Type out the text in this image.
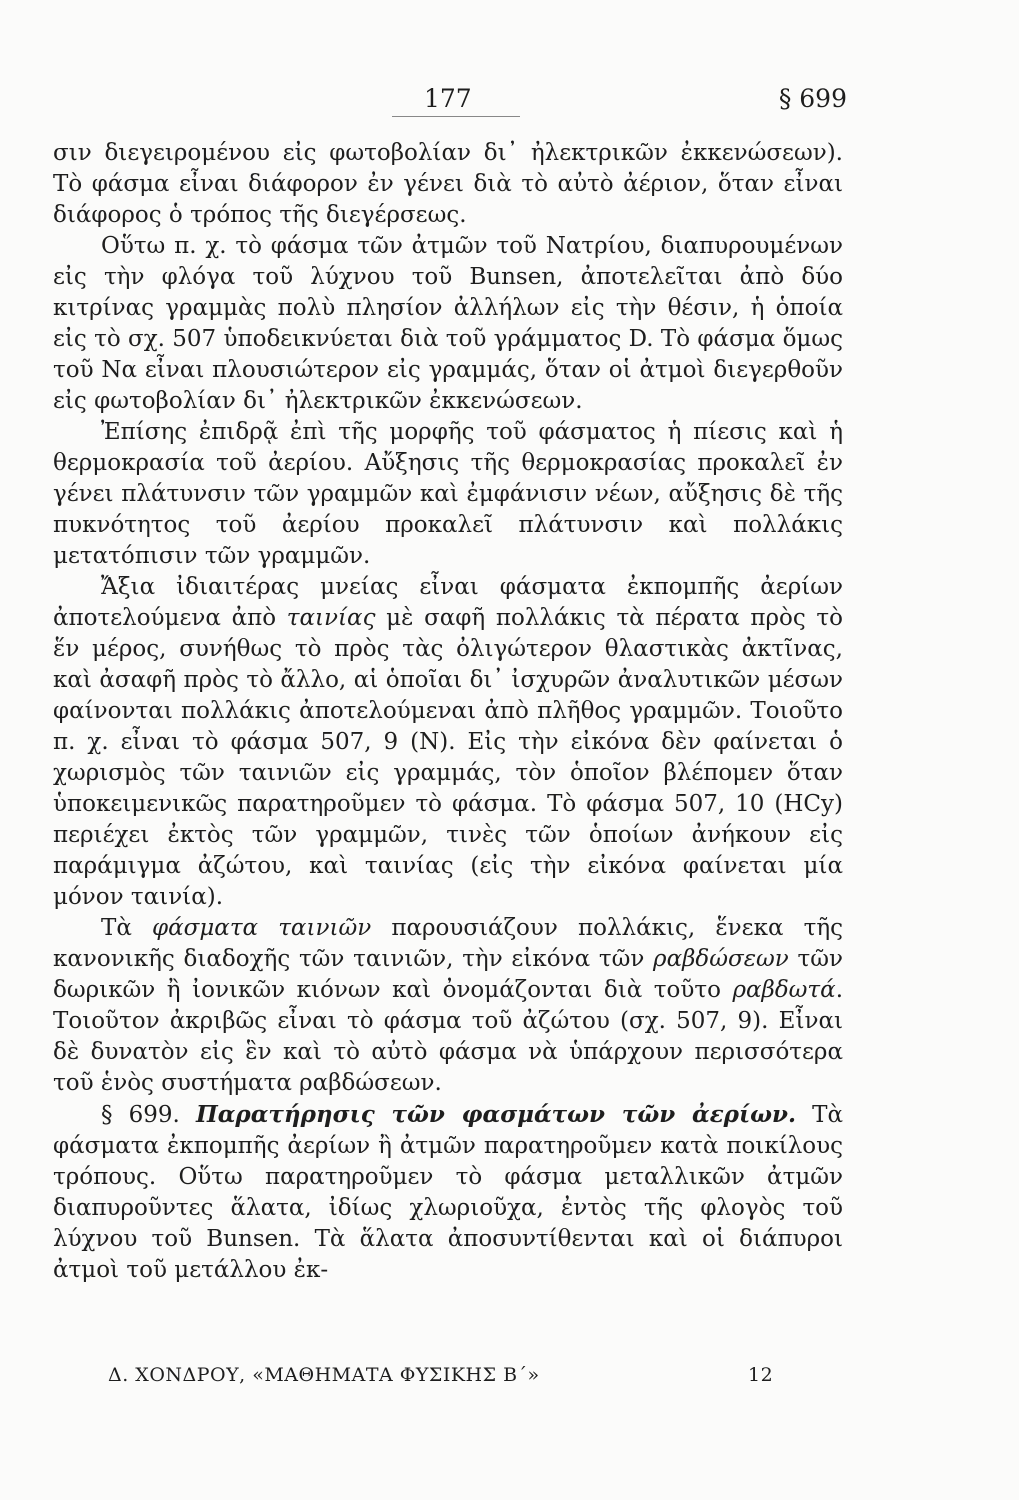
177	§ 699

σιν διεγειρομένου εἰς φωτοβολίαν δι᾽ ἠλεκτρικῶν ἐκκενώσεων). Τὸ φάσμα εἶναι διάφορον ἐν γένει διὰ τὸ αὐτὸ ἀέριον, ὅταν εἶναι διάφορος ὁ τρόπος τῆς διεγέρσεως.

Οὕτω π. χ. τὸ φάσμα τῶν ἀτμῶν τοῦ Νατρίου, διαπυρουμένων εἰς τὴν φλόγα τοῦ λύχνου τοῦ Bunsen, ἀποτελεῖται ἀπὸ δύο κιτρίνας γραμμὰς πολὺ πλησίον ἀλλήλων εἰς τὴν θέσιν, ἡ ὁποία εἰς τὸ σχ. 507 ὑποδεικνύεται διὰ τοῦ γράμματος D. Τὸ φάσμα ὅμως τοῦ Να εἶναι πλουσιώτερον εἰς γραμμάς, ὅταν οἱ ἀτμοὶ διεγερθοῦν εἰς φωτοβολίαν δι᾽ ἠλεκτρικῶν ἐκκενώσεων.

Ἐπίσης ἐπιδρᾷ ἐπὶ τῆς μορφῆς τοῦ φάσματος ἡ πίεσις καὶ ἡ θερμοκρασία τοῦ ἀερίου. Αὔξησις τῆς θερμοκρασίας προκαλεῖ ἐν γένει πλάτυνσιν τῶν γραμμῶν καὶ ἐμφάνισιν νέων, αὔξησις δὲ τῆς πυκνότητος τοῦ ἀερίου προκαλεῖ πλάτυνσιν καὶ πολλάκις μετατόπισιν τῶν γραμμῶν.

Ἄξια ἰδιαιτέρας μνείας εἶναι φάσματα ἐκπομπῆς ἀερίων ἀποτελούμενα ἀπὸ ταινίας μὲ σαφῆ πολλάκις τὰ πέρατα πρὸς τὸ ἕν μέρος, συνήθως τὸ πρὸς τὰς ὀλιγώτερον θλαστικὰς ἀκτῖνας, καὶ ἀσαφῆ πρὸς τὸ ἄλλο, αἱ ὁποῖαι δι᾽ ἰσχυρῶν ἀναλυτικῶν μέσων φαίνονται πολλάκις ἀποτελούμεναι ἀπὸ πλῆθος γραμμῶν. Τοιοῦτο π. χ. εἶναι τὸ φάσμα 507, 9 (Ν). Εἰς τὴν εἰκόνα δὲν φαίνεται ὁ χωρισμὸς τῶν ταινιῶν εἰς γραμμάς, τὸν ὁποῖον βλέπομεν ὅταν ὑποκειμενικῶς παρατηροῦμεν τὸ φάσμα. Τὸ φάσμα 507, 10 (HCy) περιέχει ἐκτὸς τῶν γραμμῶν, τινὲς τῶν ὁποίων ἀνήκουν εἰς παράμιγμα ἀζώτου, καὶ ταινίας (εἰς τὴν εἰκόνα φαίνεται μία μόνον ταινία).

Τὰ φάσματα ταινιῶν παρουσιάζουν πολλάκις, ἕνεκα τῆς κανονικῆς διαδοχῆς τῶν ταινιῶν, τὴν εἰκόνα τῶν ραβδώσεων τῶν δωρικῶν ἢ ἰονικῶν κιόνων καὶ ὀνομάζονται διὰ τοῦτο ραβδωτά. Τοιοῦτον ἀκριβῶς εἶναι τὸ φάσμα τοῦ ἀζώτου (σχ. 507, 9). Εἶναι δὲ δυνατὸν εἰς ἓν καὶ τὸ αὐτὸ φάσμα νὰ ὑπάρχουν περισσότερα τοῦ ἑνὸς συστήματα ραβδώσεων.

§ 699. Παρατήρησις τῶν φασμάτων τῶν ἀερίων. Τὰ φάσματα ἐκπομπῆς ἀερίων ἢ ἀτμῶν παρατηροῦμεν κατὰ ποικίλους τρόπους. Οὕτω παρατηροῦμεν τὸ φάσμα μεταλλικῶν ἀτμῶν διαπυροῦντες ἅλατα, ἰδίως χλωριοῦχα, ἐντὸς τῆς φλογὸς τοῦ λύχνου τοῦ Bunsen. Τὰ ἅλατα ἀποσυντίθενται καὶ οἱ διάπυροι ἀτμοὶ τοῦ μετάλλου ἐκ-

Δ. ΧΟΝΔΡΟΥ, «ΜΑΘΗΜΑΤΑ ΦΥΣΙΚΗΣ Β΄»	12
